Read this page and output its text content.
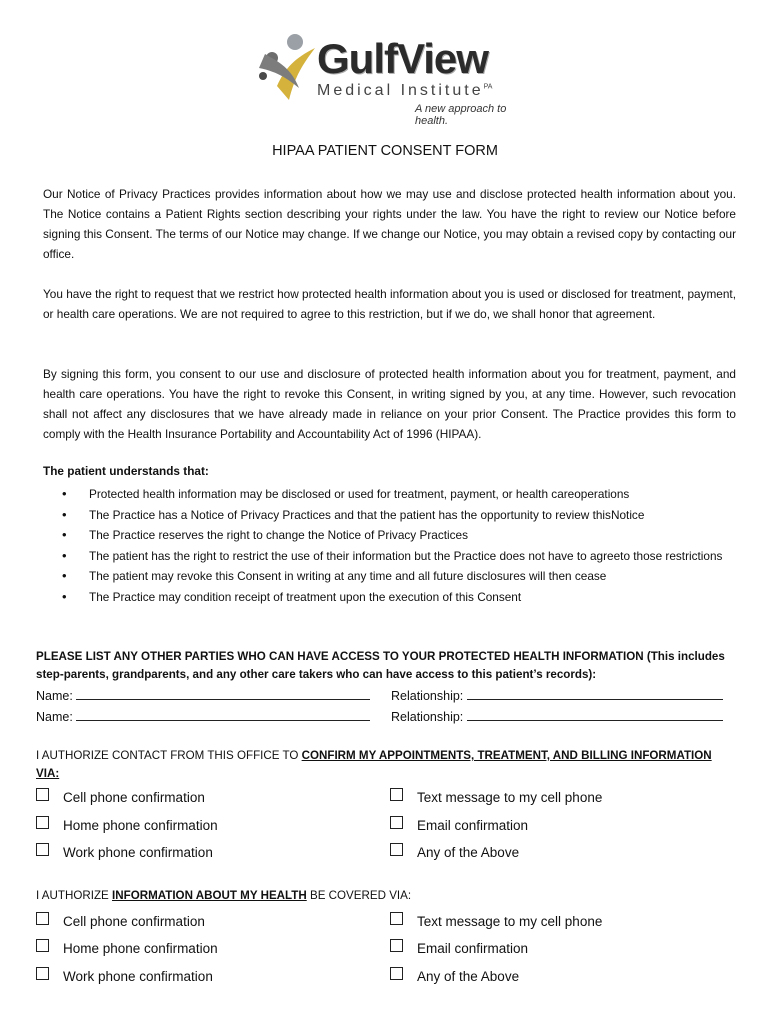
GulfView
Medical Institute$^{PA}$
A new approach to health.
HIPAA PATIENT CONSENT FORM

Our Notice of Privacy Practices provides information about how we may use and disclose protected health information about you. The Notice contains a Patient Rights section describing your rights under the law. You have the right to review our Notice before signing this Consent. The terms of our Notice may change. If we change our Notice, you may obtain a revised copy by contacting our office.

You have the right to request that we restrict how protected health information about you is used or disclosed for treatment, payment, or health care operations. We are not required to agree to this restriction, but if we do, we shall honor that agreement.

By signing this form, you consent to our use and disclosure of protected health information about you for treatment, payment, and health care operations. You have the right to revoke this Consent, in writing signed by you, at any time. However, such revocation shall not affect any disclosures that we have already made in reliance on your prior Consent. The Practice provides this form to comply with the Health Insurance Portability and Accountability Act of 1996 (HIPAA).

The patient understands that:
• Protected health information may be disclosed or used for treatment, payment, or health careoperations
• The Practice has a Notice of Privacy Practices and that the patient has the opportunity to review thisNotice
• The Practice reserves the right to change the Notice of Privacy Practices
• The patient has the right to restrict the use of their information but the Practice does not have to agreeto those restrictions
• The patient may revoke this Consent in writing at any time and all future disclosures will then cease
• The Practice may condition receipt of treatment upon the execution of this Consent
PLEASE LIST ANY OTHER PARTIES WHO CAN HAVE ACCESS TO YOUR PROTECTED HEALTH INFORMATION (This includes step-parents, grandparents, and any other care takers who can have access to this patient’s records):
Name:	Relationship:
Name:	Relationship:
I AUTHORIZE CONTACT FROM THIS OFFICE TO CONFIRM MY APPOINTMENTS, TREATMENT, AND BILLING INFORMATION VIA:
Cell phone confirmation	Text message to my cell phone
Home phone confirmation	Email confirmation
Work phone confirmation	Any of the Above
I AUTHORIZE INFORMATION ABOUT MY HEALTH BE COVERED VIA:
Cell phone confirmation	Text message to my cell phone
Home phone confirmation	Email confirmation
Work phone confirmation	Any of the Above
